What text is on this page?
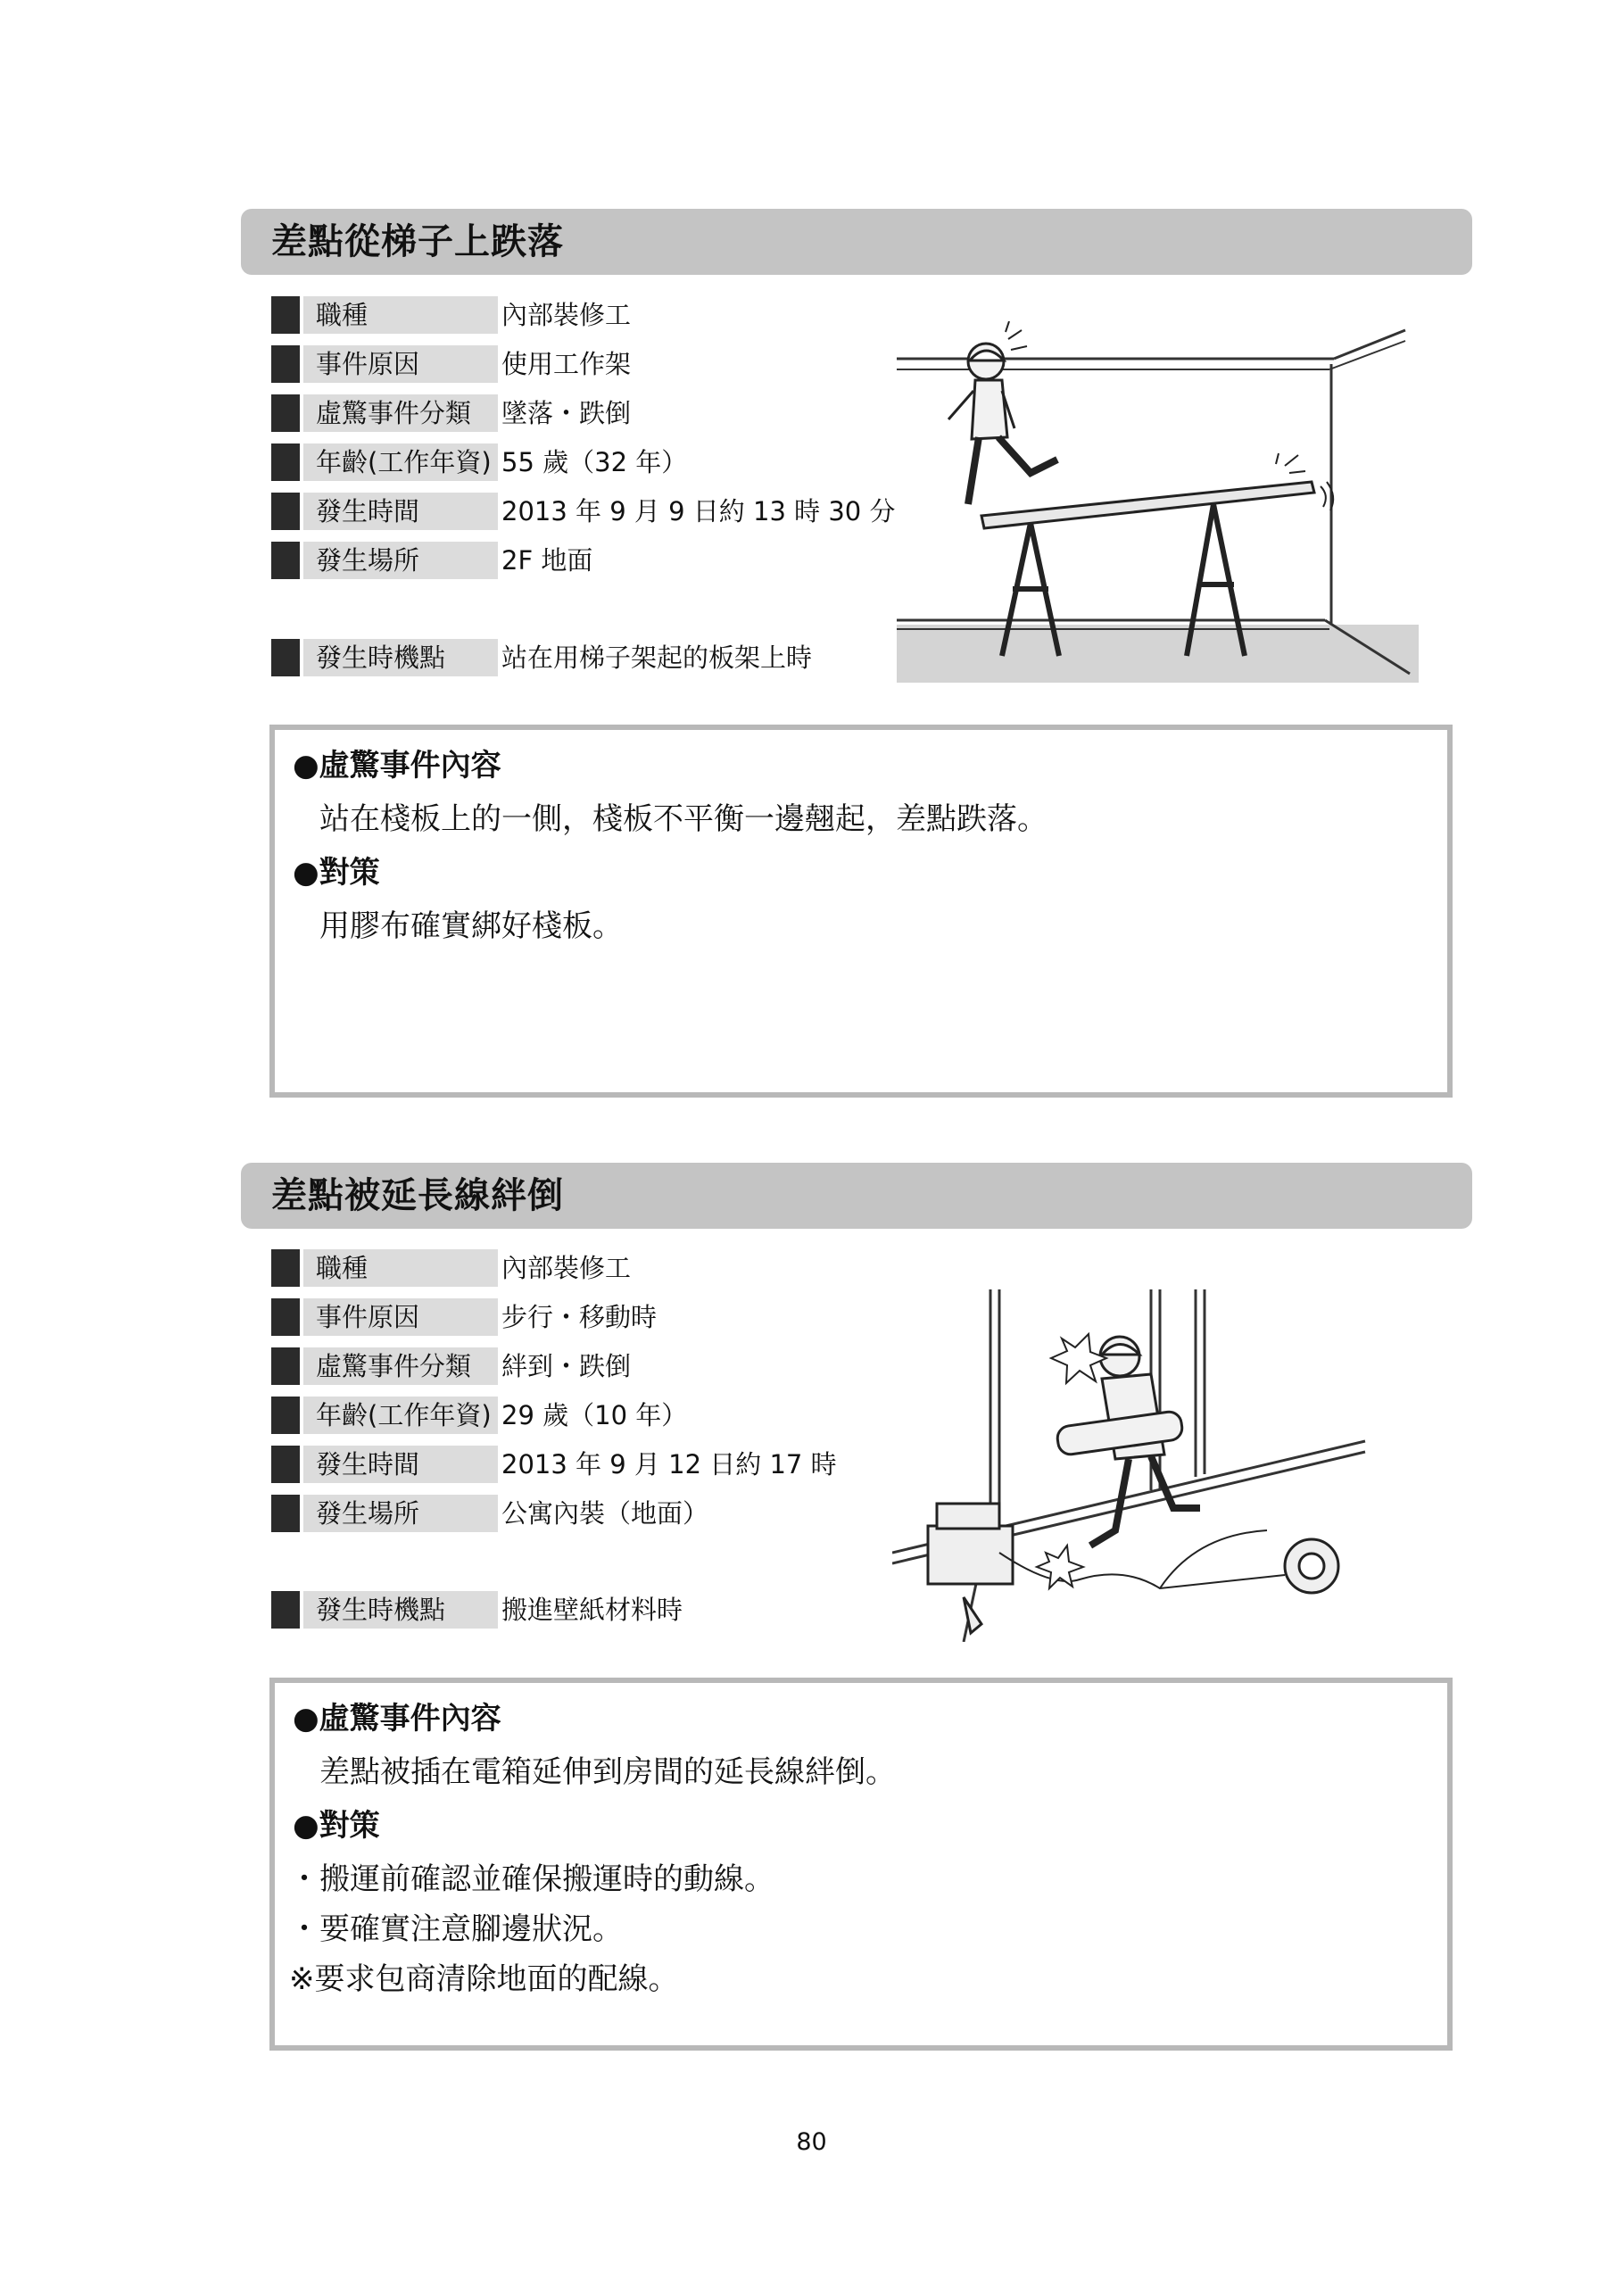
差點從梯子上跌落
職種	內部裝修工
事件原因	使用工作架
虛驚事件分類	墜落・跌倒
年齡(工作年資) 55 歲（32 年）
發生時間	2013 年 9 月 9 日約 13 時 30 分
發生場所	2F 地面
發生時機點	站在用梯子架起的板架上時
●虛驚事件內容
站在棧板上的一側，棧板不平衡一邊翹起，差點跌落。
●對策
用膠布確實綁好棧板。
差點被延長線絆倒
職種	內部裝修工
事件原因	步行・移動時
虛驚事件分類	絆到・跌倒
年齡(工作年資) 29 歲（10 年）
發生時間	2013 年 9 月 12 日約 17 時
發生場所	公寓內裝（地面）
發生時機點	搬進壁紙材料時
●虛驚事件內容
差點被插在電箱延伸到房間的延長線絆倒。
●對策
・搬運前確認並確保搬運時的動線。
・要確實注意腳邊狀況。
※要求包商清除地面的配線。
80
